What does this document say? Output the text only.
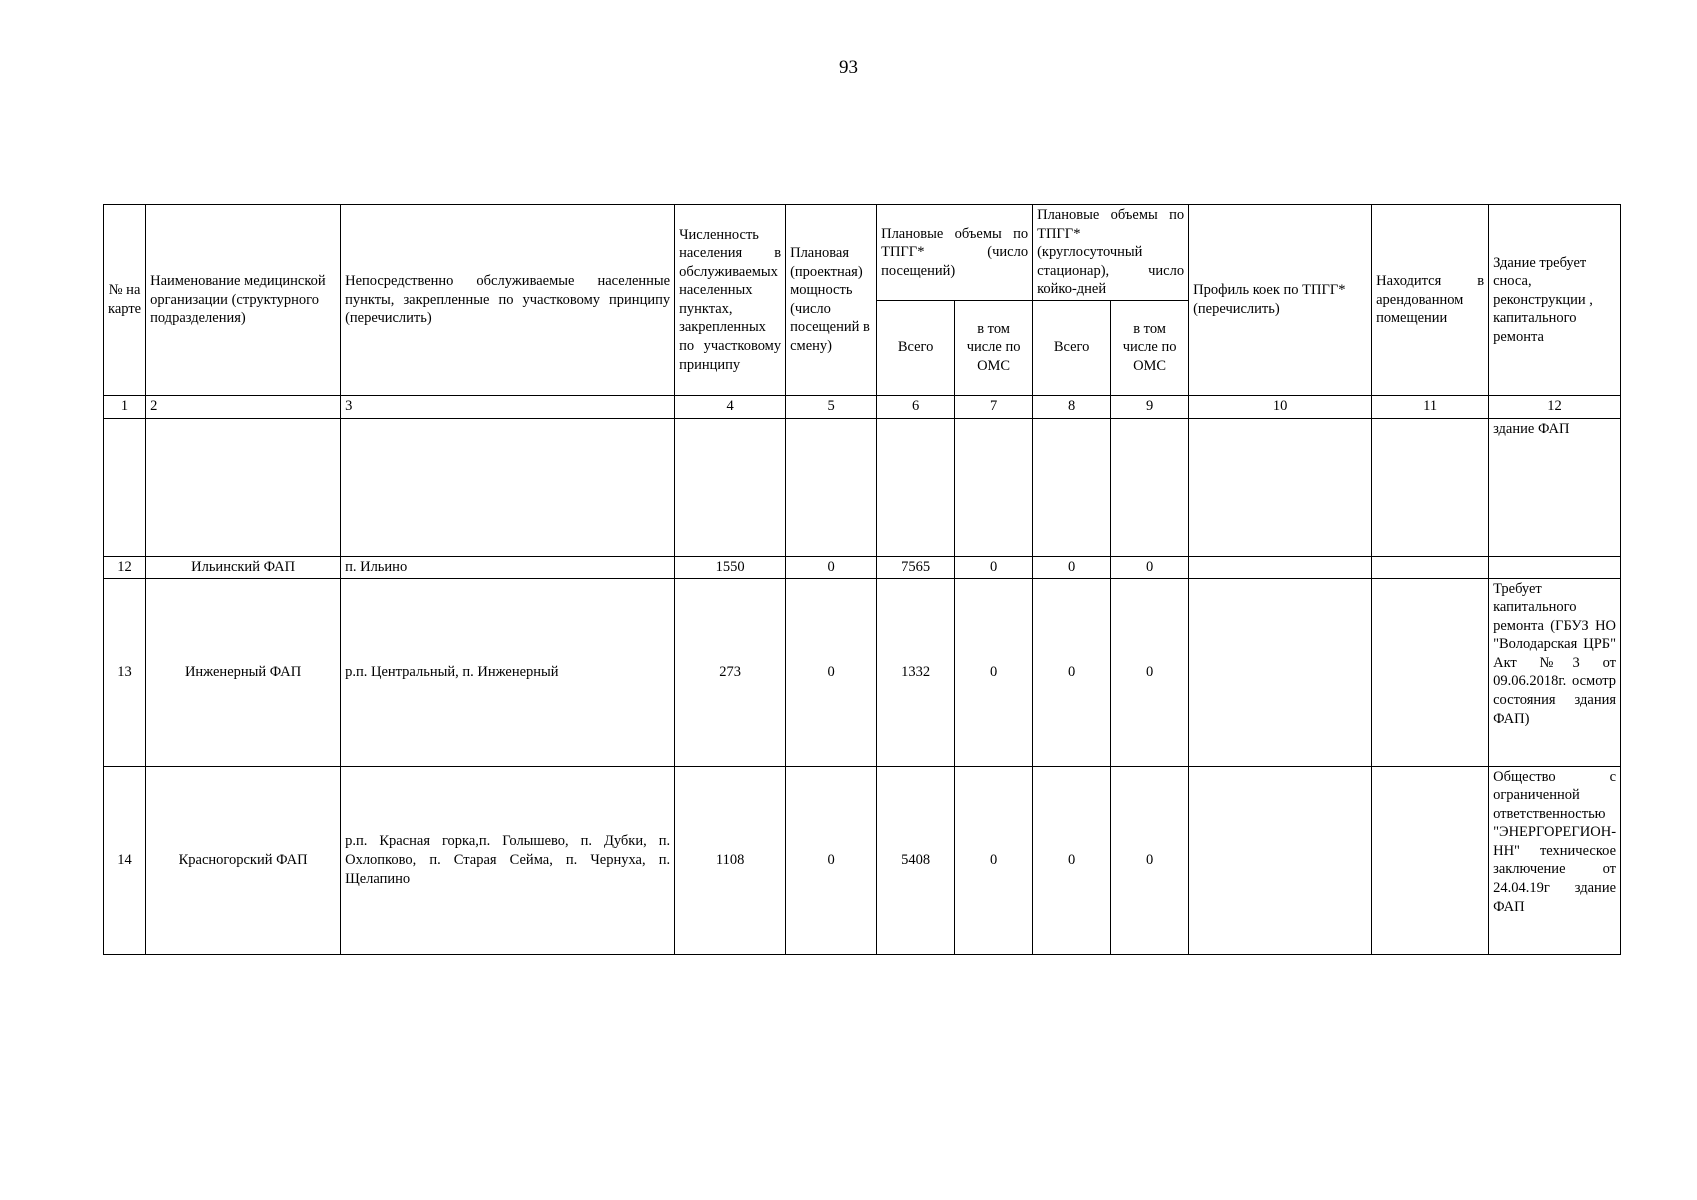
93
№ на карте	Наименование медицинской организации (структурного подразделения)	Непосредственно обслуживаемые населенные пункты, закрепленные по участковому принципу (перечислить)	Численность населения в обслуживаемых населенных пунктах, закрепленных по участковому принципу	Плановая (проектная) мощность (число посещений в смену)	Плановые объемы по ТПГГ* (число посещений)		Плановые объемы по ТПГГ* (круглосуточный стационар), число койко-дней		Профиль коек по ТПГГ* (перечислить)	Находится в арендованном помещении	Здание требует сноса, реконструкции , капитального ремонта
					Всего	в том числе по ОМС	Всего	в том числе по ОМС			
1	2	3	4	5	6	7	8	9	10	11	12
											здание ФАП
12	Ильинский ФАП	п. Ильино	1550	0	7565	0	0	0			
13	Инженерный ФАП	р.п. Центральный, п. Инженерный	273	0	1332	0	0	0			Требует капитального ремонта (ГБУЗ НО "Володарская ЦРБ" Акт №3 от 09.06.2018г. осмотр состояния здания ФАП)
14	Красногорский ФАП	р.п. Красная горка,п. Голышево, п. Дубки, п. Охлопково, п. Старая Сейма, п. Чернуха, п. Щелапино	1108	0	5408	0	0	0			Общество с ограниченной ответственностью "ЭНЕРГОРЕГИОН-НН" техническое заключение от 24.04.19г здание ФАП
